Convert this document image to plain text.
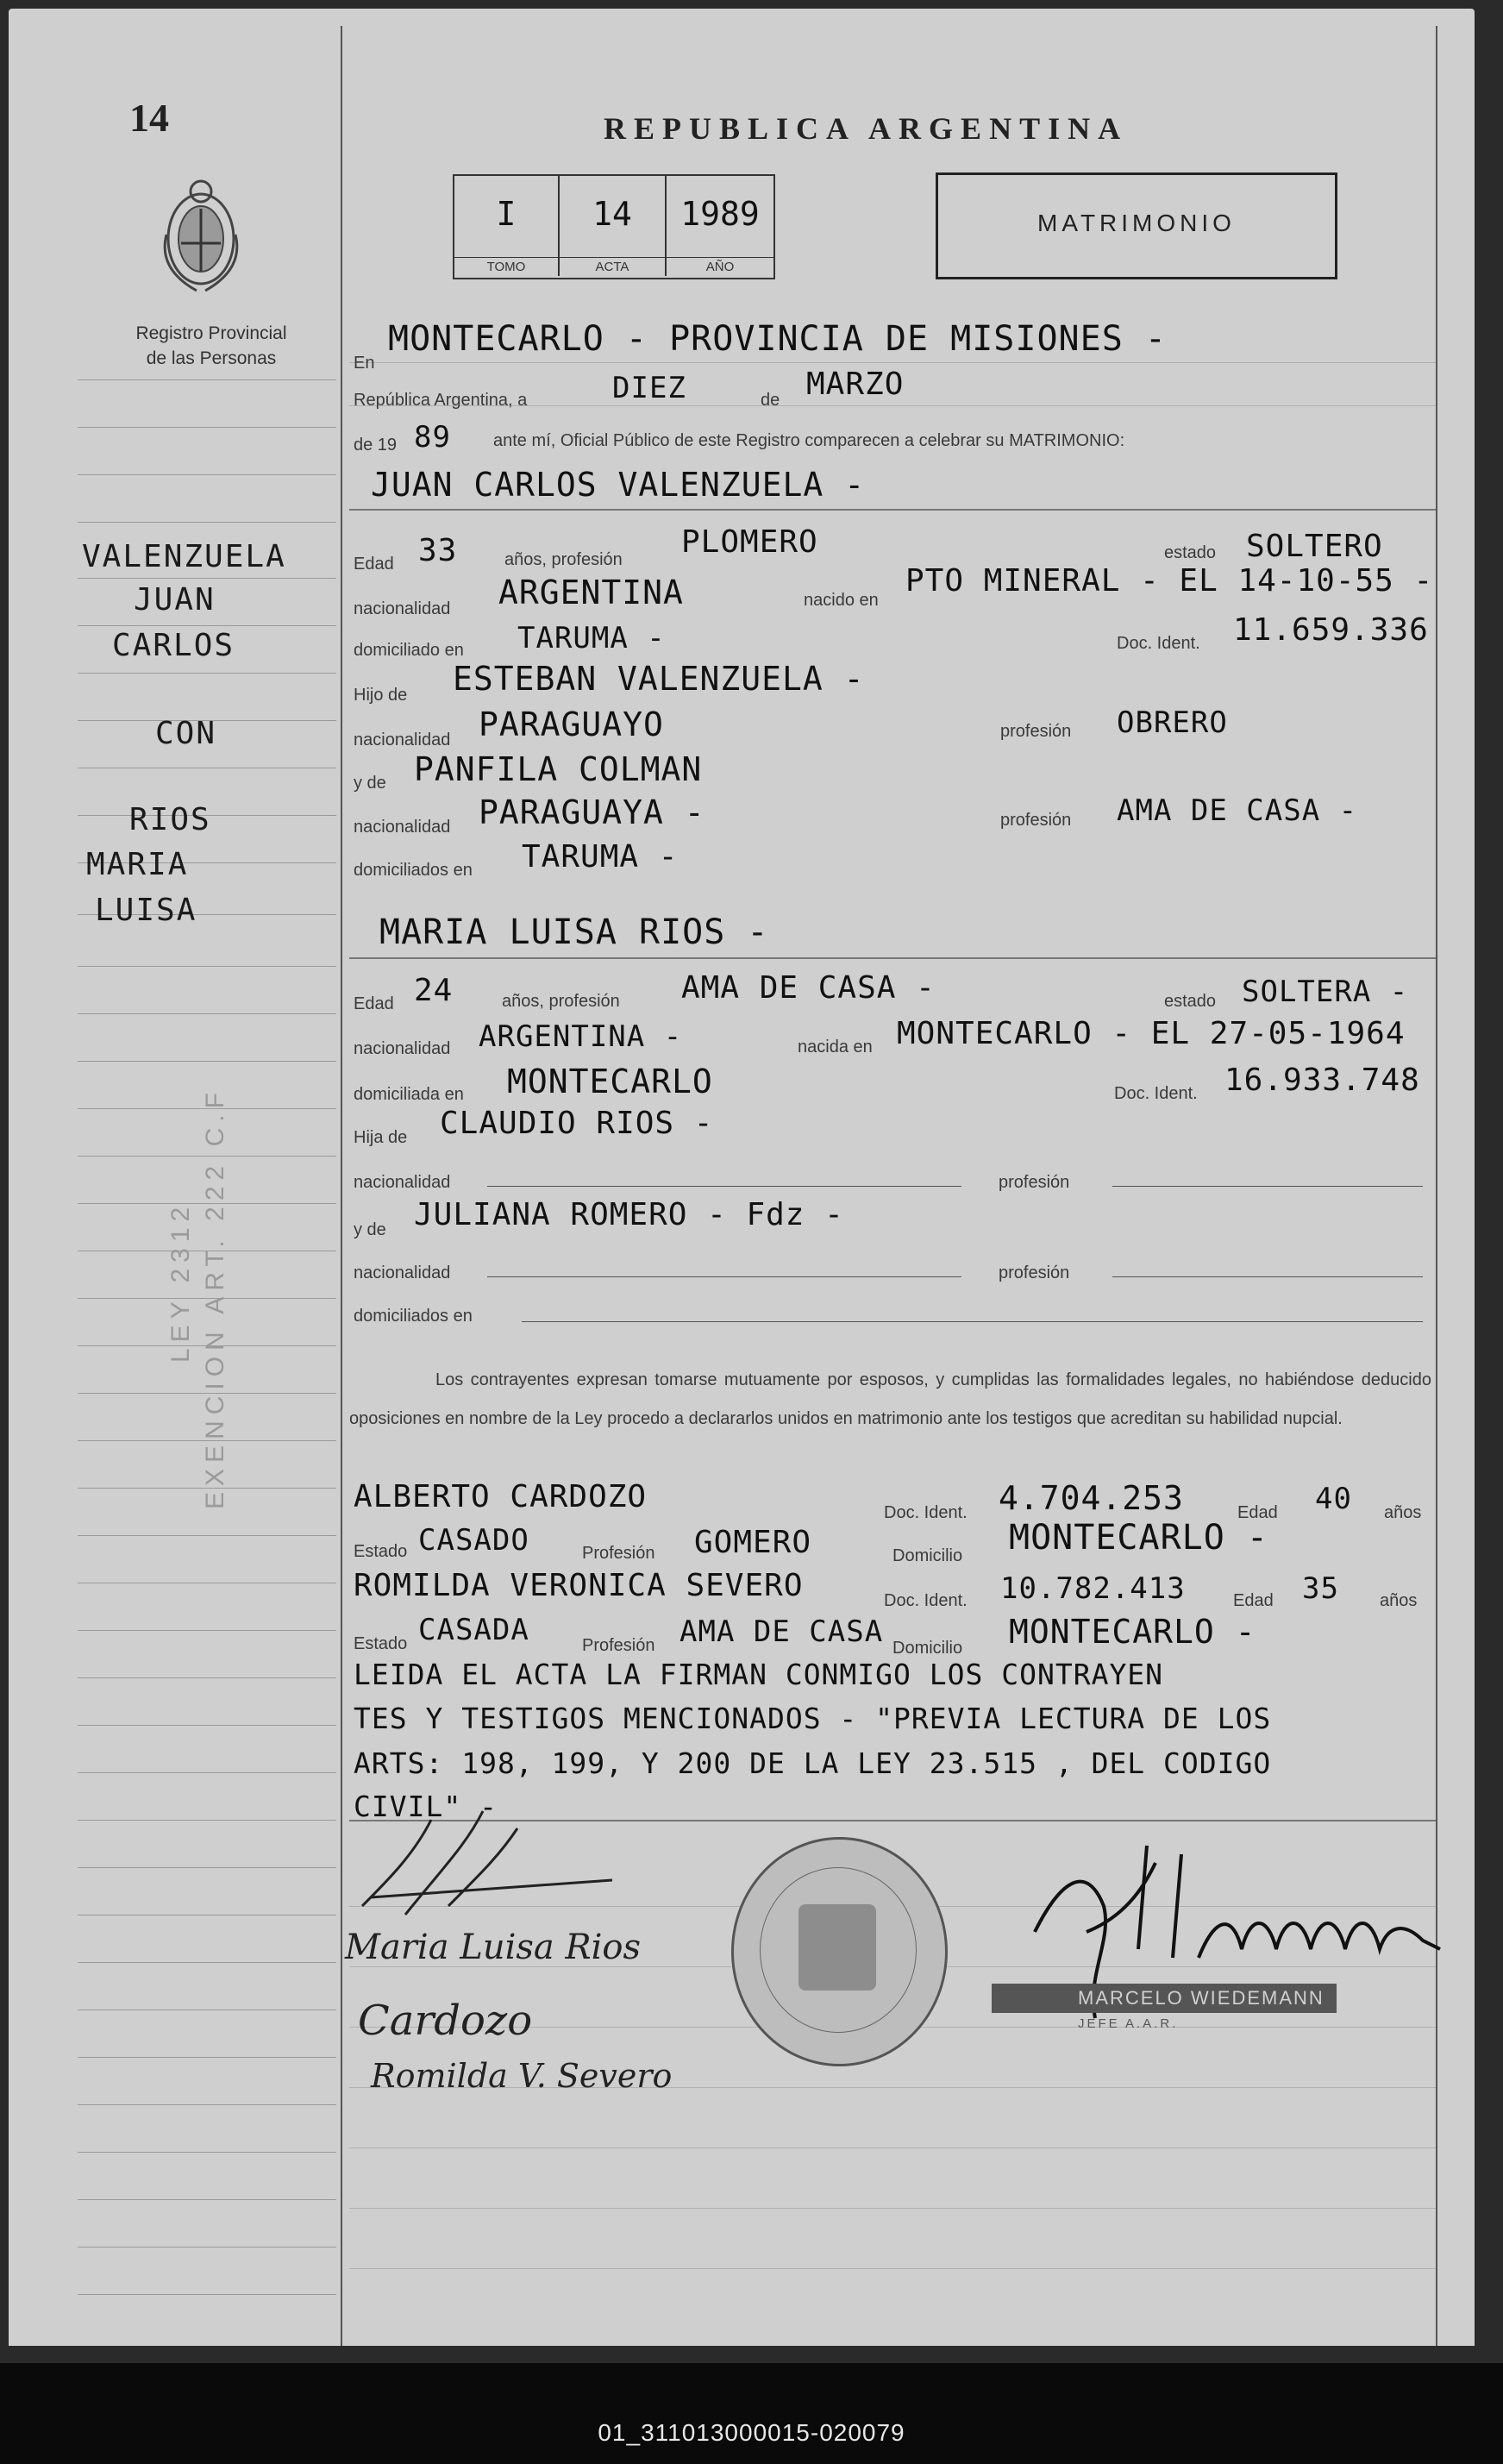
14	REPUBLICA ARGENTINA
Registro Provincial
de las Personas
I
TOMO
14
ACTA
1989
AÑO
MATRIMONIO
VALENZUELA
JUAN
CARLOS
CON
RIOS
MARIA
LUISA
LEY 2312 EXENCION ART. 222 C.F
En
MONTECARLO - PROVINCIA DE MISIONES -
República Argentina, a	DIEZ	de MARZO
de 19 89 ante mí, Oficial Público de este Registro comparecen a celebrar su MATRIMONIO:
JUAN CARLOS VALENZUELA -
Edad 33	años, profesión PLOMERO	estado SOLTERO
nacionalidad ARGENTINA	nacido en
PTO MINERAL - EL 14-10-55 -
domiciliado en TARUMA -	Doc. Ident. 11.659.336
Hijo de ESTEBAN VALENZUELA -
nacionalidad PARAGUAYO	profesión OBRERO
y de PANFILA COLMAN
nacionalidad PARAGUAYA -	profesión AMA DE CASA -
domiciliados en TARUMA -
MARIA LUISA RIOS -
Edad 24	años, profesión AMA DE CASA -	estado SOLTERA -
nacionalidad ARGENTINA -	nacida en MONTECARLO - EL 27-05-1964
domiciliada en MONTECARLO	Doc. Ident. 16.933.748
Hija de CLAUDIO RIOS -
nacionalidad	profesión
y de JULIANA ROMERO - Fdz -
nacionalidad	profesión
domiciliados en
Los contrayentes expresan tomarse mutuamente por esposos, y cumplidas las formalidades legales, no habiéndose deducido oposiciones en nombre de la Ley procedo a declararlos unidos en matrimonio ante los testigos que acreditan su habilidad nupcial.
ALBERTO CARDOZO	Doc. Ident. 4.704.253	Edad 40 años
Estado CASADO	Profesión GOMERO	Domicilio MONTECARLO -
ROMILDA VERONICA SEVERO	Doc. Ident. 10.782.413	Edad 35 años
Estado CASADA	Profesión AMA DE CASA Domicilio MONTECARLO -
LEIDA EL ACTA LA FIRMAN CONMIGO LOS CONTRAYEN
TES Y TESTIGOS MENCIONADOS - "PREVIA LECTURA DE LOS
ARTS: 198, 199, Y 200 DE LA LEY 23.515 , DEL CODIGO
CIVIL" -
Maria Luisa Rios
Cardozo
Romilda V. Severo
MARCELO WIEDEMANN
JEFE A.A.R.
01_311013000015-020079
